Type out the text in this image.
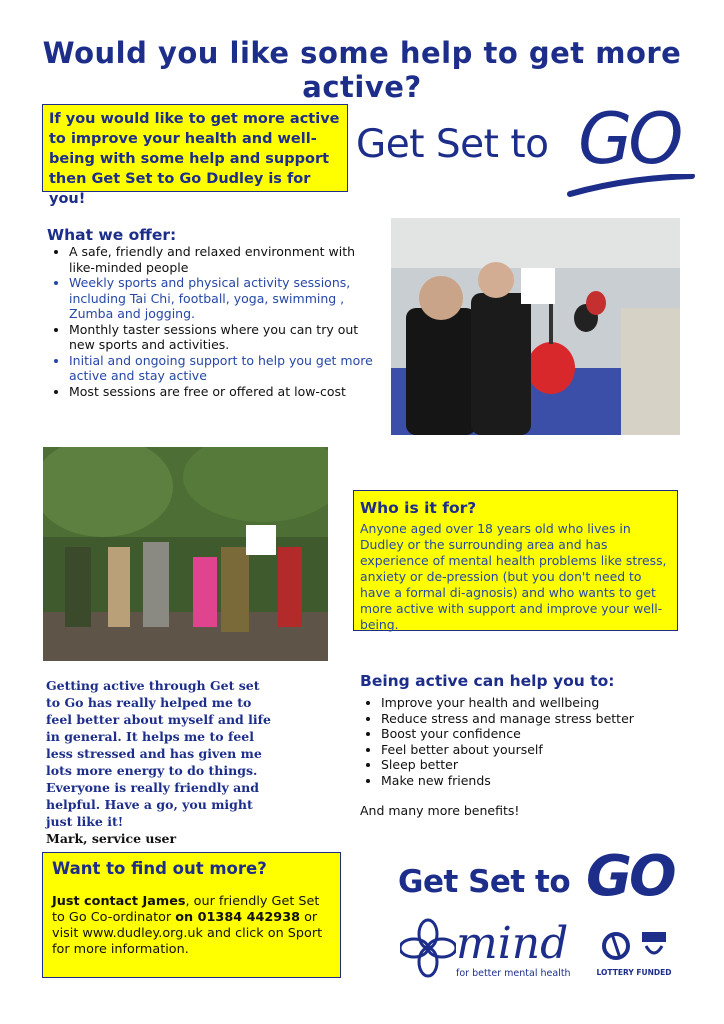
Would you like some help to get more active?
If you would like to get more active to improve your health and well-being with some help and support then Get Set to Go Dudley is for you!
Get Set to GO
What we offer:
• A safe, friendly and relaxed environment with like-minded people
• Weekly sports and physical activity sessions, including Tai Chi, football, yoga, swimming , Zumba and jogging.
• Monthly taster sessions where you can try out new sports and activities.
• Initial and ongoing support to help you get more active and stay active
• Most sessions are free or offered at low-cost
Who is it for?

Anyone aged over 18 years old who lives in Dudley or the surrounding area and has experience of mental health problems like stress, anxiety or de-pression (but you don't need to have a formal di-agnosis) and who wants to get more active with support and improve your well-being.

Getting active through Get set to Go has really helped me to feel better about myself and life in general. It helps me to feel less stressed and has given me lots more energy to do things. Everyone is really friendly and helpful. Have a go, you might just like it!
Mark, service user
Being active can help you to:
• Improve your health and wellbeing
• Reduce stress and manage stress better
• Boost your confidence
• Feel better about yourself
• Sleep better
• Make new friends
And many more benefits!
Want to find out more?

Just contact James, our friendly Get Set to Go Co-ordinator on 01384 442938 or visit www.dudley.org.uk and click on Sport for more information.

Get Set to GO
mind
for better mental health	LOTTERY FUNDED
